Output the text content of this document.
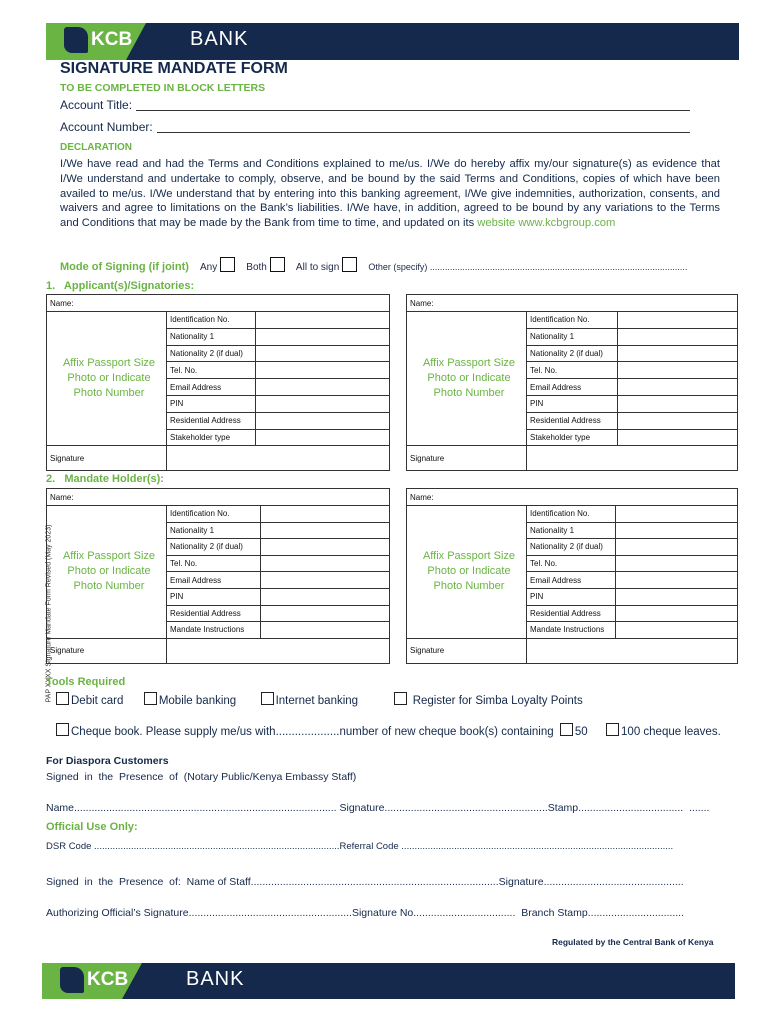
KCB	BANK
SIGNATURE MANDATE FORM
TO BE COMPLETED IN BLOCK LETTERS
Account Title:
Account Number:
DECLARATION
I/We have read and had the Terms and Conditions explained to me/us. I/We do hereby affix my/our signature(s) as evidence that I/We understand and undertake to comply, observe, and be bound by the said Terms and Conditions, copies of which have been availed to me/us. I/We understand that by entering into this banking agreement, I/We give indemnities, authorization, consents, and waivers and agree to limitations on the Bank’s liabilities. I/We have, in addition, agreed to be bound by any variations to the Terms and Conditions that may be made by the Bank from time to time, and updated on its website www.kcbgroup.com
Mode of Signing (if joint) Any	Both	All to sign	Other (specify) .......................................................................................................
1.   Applicant(s)/Signatories:
Name:
Affix Passport Size Photo or Indicate Photo Number
Identification No.
Nationality 1
Nationality 2 (if dual)
Tel. No.
Email Address
PIN
Residential Address
Stakeholder type
Signature
Name:
Affix Passport Size Photo or Indicate Photo Number
Identification No.
Nationality 1
Nationality 2 (if dual)
Tel. No.
Email Address
PIN
Residential Address
Stakeholder type
Signature
2.   Mandate Holder(s):
Name:
Affix Passport Size Photo or Indicate Photo Number
Identification No.
Nationality 1
Nationality 2 (if dual)
Tel. No.
Email Address
PIN
Residential Address
Mandate Instructions
Signature
Name:
Affix Passport Size Photo or Indicate Photo Number
Identification No.
Nationality 1
Nationality 2 (if dual)
Tel. No.
Email Address
PIN
Residential Address
Mandate Instructions
Signature
PAP XXXX Signature Mandate Form Revised (May 2023)
Tools Required
Debit card	Mobile banking	Internet banking	Register for Simba Loyalty Points
Cheque book. Please supply me/us with....................number of new cheque book(s) containing 50	100 cheque leaves.
For Diaspora Customers
Signed  in  the  Presence  of  (Notary Public/Kenya Embassy Staff)
Name.......................................................................................... Signature........................................................Stamp....................................  .......
Official Use Only:
DSR Code .............................................................................................Referral Code .......................................................................................................
Signed  in  the  Presence  of:  Name of Staff.....................................................................................Signature................................................
Authorizing Official’s Signature........................................................Signature No...................................  Branch Stamp.................................
Regulated by the Central Bank of Kenya
KCB	BANK
